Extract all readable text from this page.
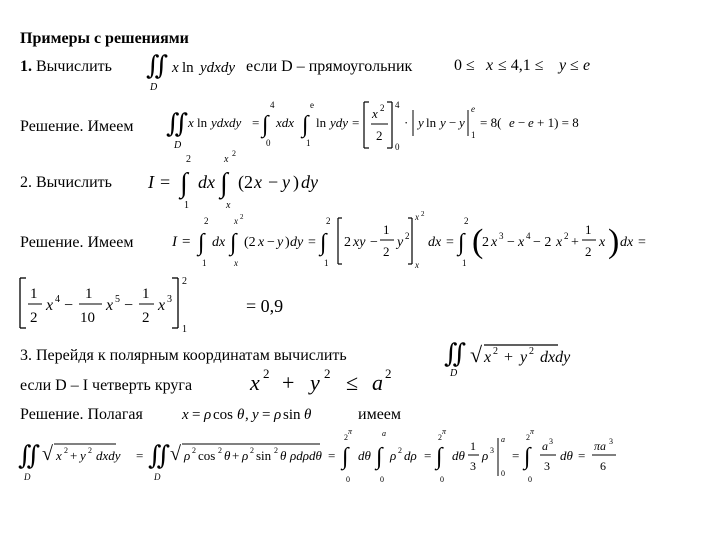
Примеры с решениями
1. Вычислить ∬
D
x ln ydxdy если D – прямоугольник	0 ≤ x ≤ 4,1 ≤ y ≤ e
Решение. Имеем ∬
D
x ln ydxdy = ∫
4
0
xdx ∫
e
1
ln ydy =
x 2
2
4
0
· y ln y − y
e
1
= 8( e − e + 1) = 8
2. Вычислить I = ∫
2
1
dx ∫
x
2
x
(2 x − y ) dy
Решение. Имеем	I = ∫
2
1
dx ∫
x 2
x
(2 x − y ) dy = ∫
2
1
2 xy −
1
2
y 2
x 2
x
dx = ∫
2
1
(
2 x 3 − x 4 − 2 x 2 +
1
2
x ) dx =
1
2
x 4 −
1
10
x 5 −
1
2
x 3
2
1
= 0,9
3. Перейдя к полярным координатам вычислить	∬
D
√ x 2 + y 2 dxdy
если D – I четверть круга	x 2 + y 2 ≤ a 2
Решение. Полагая	x = ρ cos θ , y = ρ sin θ	имеем
∬
D
√ x 2 + y 2 dxdy = ∬
D
√ ρ 2 cos 2 θ + ρ 2 sin 2 θ ρdρdθ = ∫
π
2
0
dθ ∫
a
0
ρ 2 dρ = ∫
π
2
0
dθ
1
3
ρ 3
a
0
= ∫
π
2
0
a 3
3
dθ =
πa 3
6
